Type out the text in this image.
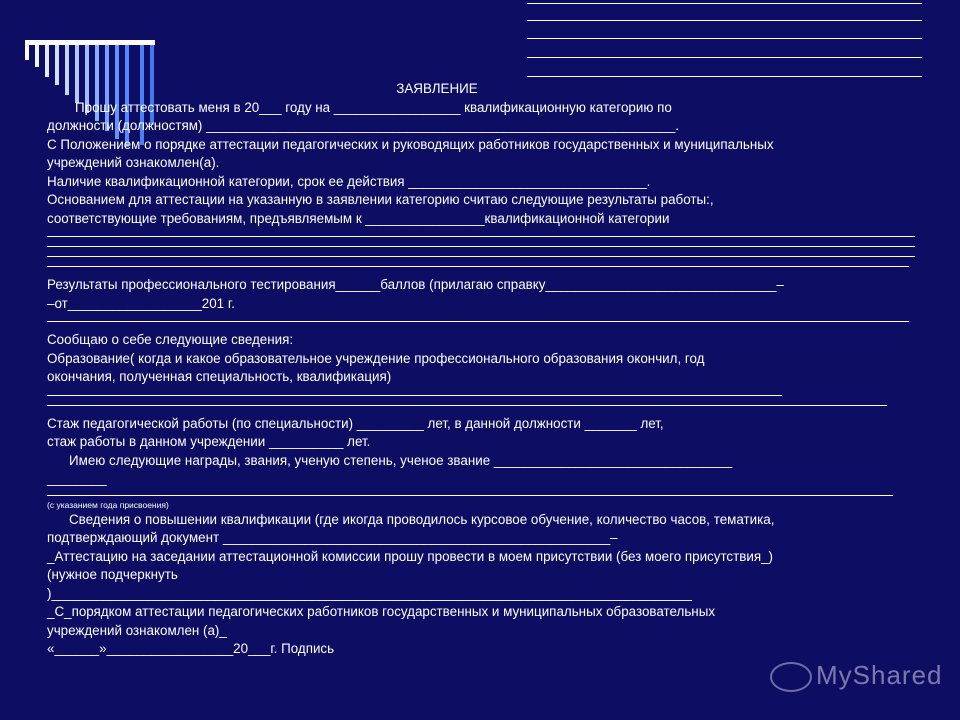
ЗАЯВЛЕНИЕ
Прошу аттестовать меня в 20___ году на _________________ квалификационную категорию по
должности (должностям) _______________________________________________________________.
С Положением о порядке аттестации педагогических и руководящих работников государственных и муниципальных
учреждений ознакомлен(а).
Наличие квалификационной категории, срок ее действия ________________________________.
Основанием для аттестации на указанную в заявлении категорию считаю следующие результаты работы:,
соответствующие требованиям, предъявляемым к ________________квалификационной категории
Результаты профессионального тестирования______баллов (прилагаю справку_______________________________–
–от__________________201 г.
Сообщаю о себе следующие сведения:
Образование( когда и какое образовательное учреждение профессионального образования окончил, год
окончания, полученная специальность, квалификация)
Стаж педагогической работы (по специальности) _________ лет, в данной должности _______ лет,
стаж работы в данном учреждении __________ лет.
Имею следующие награды, звания, ученую степень, ученое звание ________________________________
________
(с указанием года присвоения)
Сведения о повышении квалификации (где икогда проводилось курсовое обучение, количество часов, тематика,
подтверждающий документ ____________________________________________________–
_Аттестацию на заседании аттестационной комиссии прошу провести в моем присутствии (без моего присутствия_)
(нужное подчеркнуть
)______________________________________________________________________________________
_С_порядком аттестации педагогических работников государственных и муниципальных образовательных
учреждений ознакомлен (а)_
«______»_________________20___г. Подпись
MyShared
